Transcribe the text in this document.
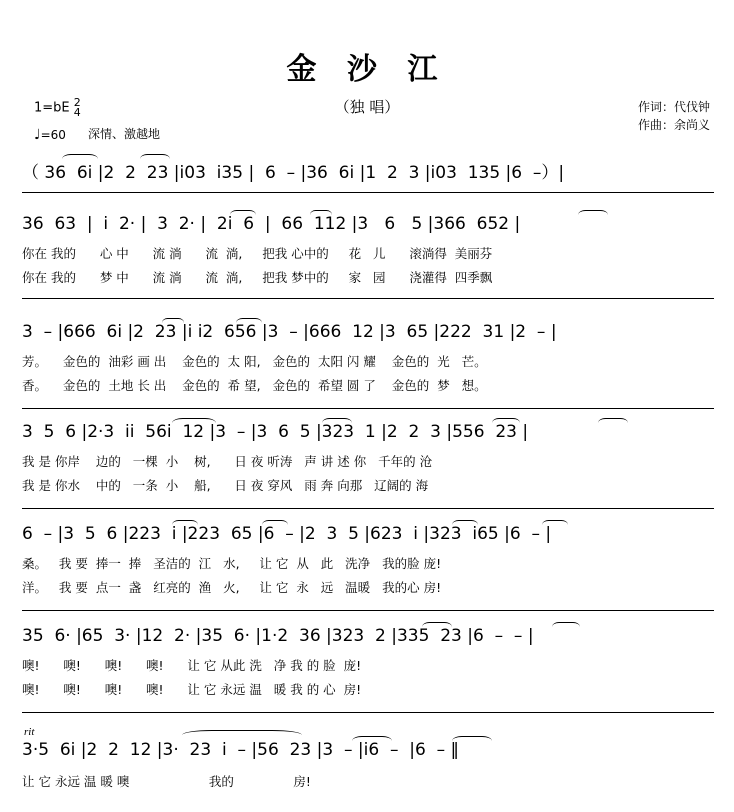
金 沙 江
（独 唱）	作词：代伐钟
作曲：余尚义
1=bE 2
4
♩=60 深情、激越地
（ 36  6i |2  2  23 |i03  i35 |  6  – |36  6i |1  2  3 |i03  135 |6  –）|
36  63  |  i  2· |  3  2· |  2i  6  |  66  112 |3   6   5 |366  652 |
你在 我的      心 中      流 淌      流  淌,     把我 心中的     花   儿      滚淌得  美丽芬
你在 我的      梦 中      流 淌      流  淌,     把我 梦中的     家   园      浇灌得  四季飘
3  – |666  6i |2  23 |i i2  656 |3  – |666  12 |3  65 |222  31 |2  – |
芳。    金色的  油彩 画 出    金色的  太 阳,   金色的  太阳 闪 耀    金色的  光   芒。
香。    金色的  土地 长 出    金色的  希 望,   金色的  希望 圆 了    金色的  梦   想。
3  5  6 |2·3  ii  56i  12 |3  – |3  6  5 |323  1 |2  2  3 |556  23 |
我 是 你岸    边的   一棵  小    树,      日 夜 听涛   声 讲 述 你   千年的 沧
我 是 你水    中的   一条  小    船,      日 夜 穿风   雨 奔 向那   辽阔的 海
6  – |3  5  6 |223  i |223  65 |6  – |2  3  5 |623  i |323  i65 |6  – |
桑。   我 要  捧一  捧   圣洁的  江   水,     让 它  从   此   洗净   我的脸 庞!
洋。   我 要  点一  盏   红亮的  渔   火,     让 它  永   远   温暖   我的心 房!
35  6· |65  3· |12  2· |35  6· |1·2  36 |323  2 |335  23 |6  –  – |
噢!      噢!      噢!      噢!      让 它 从此 洗   净 我 的 脸  庞!
噢!      噢!      噢!      噢!      让 它 永远 温   暖 我 的 心  房!
rit
3·5  6i |2  2  12 |3·  23  i  – |56  23 |3  – |i6  –  |6  – ‖
让 它 永远 温 暖 噢                    我的               房!
